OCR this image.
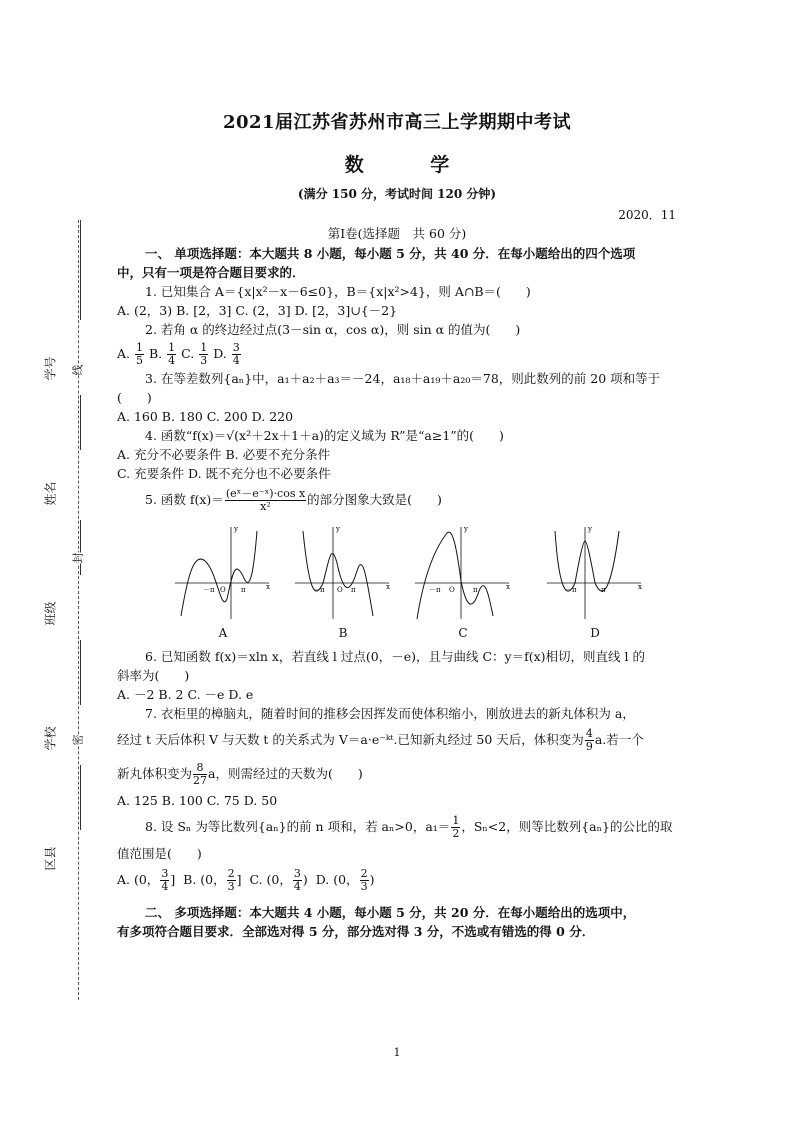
学号
姓名
班级
学校
区县
线
封
密
2021届江苏省苏州市高三上学期期中考试
数 学
(满分 150 分，考试时间 120 分钟)
2020．11
第Ⅰ卷(选择题　共 60 分)
一、 单项选择题：本大题共 8 小题，每小题 5 分，共 40 分．在每小题给出的四个选项
中，只有一项是符合题目要求的．
1. 已知集合 A＝{x|x²－x－6≤0}，B＝{x|x²>4}，则 A∩B＝(　　)
A. (2，3) B. [2，3] C. (2，3] D. [2，3]∪{－2}
2. 若角 α 的终边经过点(3－sin α，cos α)，则 sin α 的值为(　　)
A. $\frac{1}{5} B$. $\frac{1}{4} C$. $\frac{1}{3} D$. $\frac{3}{4}$
3. 在等差数列{aₙ}中，a₁＋a₂＋a₃＝－24，a₁₈＋a₁₉＋a₂₀＝78，则此数列的前 20 项和等于
(　　)
A. 160 B. 180 C. 200 D. 220
4. 函数“f(x)＝√(x²＋2x＋1＋a)的定义域为 R”是“a≥1”的(　　)
A. 充分不必要条件 B. 必要不充分条件
C. 充要条件 D. 既不充分也不必要条件
5. 函数 $f(x)= \frac{\text{(eˣ－e⁻ˣ)·cos x}}{\text{x²}}$ 的部分图象大致是(　　)
x
y
O
－π	π
A
x
y
O
－π	π
B
x
y
O
－π	π
C
x
y
－π	π
D
6. 已知函数 f(x)＝xln x，若直线 l 过点(0，－e)，且与曲线 C：y＝f(x)相切，则直线 l 的
斜率为(　　)
A. －2 B. 2 C. －e D. e
7. 衣柜里的樟脑丸，随着时间的推移会因挥发而使体积缩小，刚放进去的新丸体积为 a，
经过 t 天后体积 V 与天数 t 的关系式为 V＝a·e⁻ᵏᵗ.已知新丸经过 50 天后，体积变为 $\frac{4}{9} a$.若一个
新丸体积变为 $\frac{8}{27}$ a，则需经过的天数为(　　)
A. 125 B. 100 C. 75 D. 50
8. 设 Sₙ 为等比数列{aₙ}的前 n 项和，若 aₙ>0，$a_1= \frac{1}{2}$ ，Sₙ<2，则等比数列{aₙ}的公比的取
值范围是(　　)
A. (0， $\frac{3}{4}$ ] B. (0， $\frac{2}{3}$ ] C. (0， $\frac{3}{4}$ ) D. (0， $\frac{2}{3}$ )
二、 多项选择题：本大题共 4 小题，每小题 5 分，共 20 分．在每小题给出的选项中，
有多项符合题目要求．全部选对得 5 分，部分选对得 3 分，不选或有错选的得 0 分．
1
